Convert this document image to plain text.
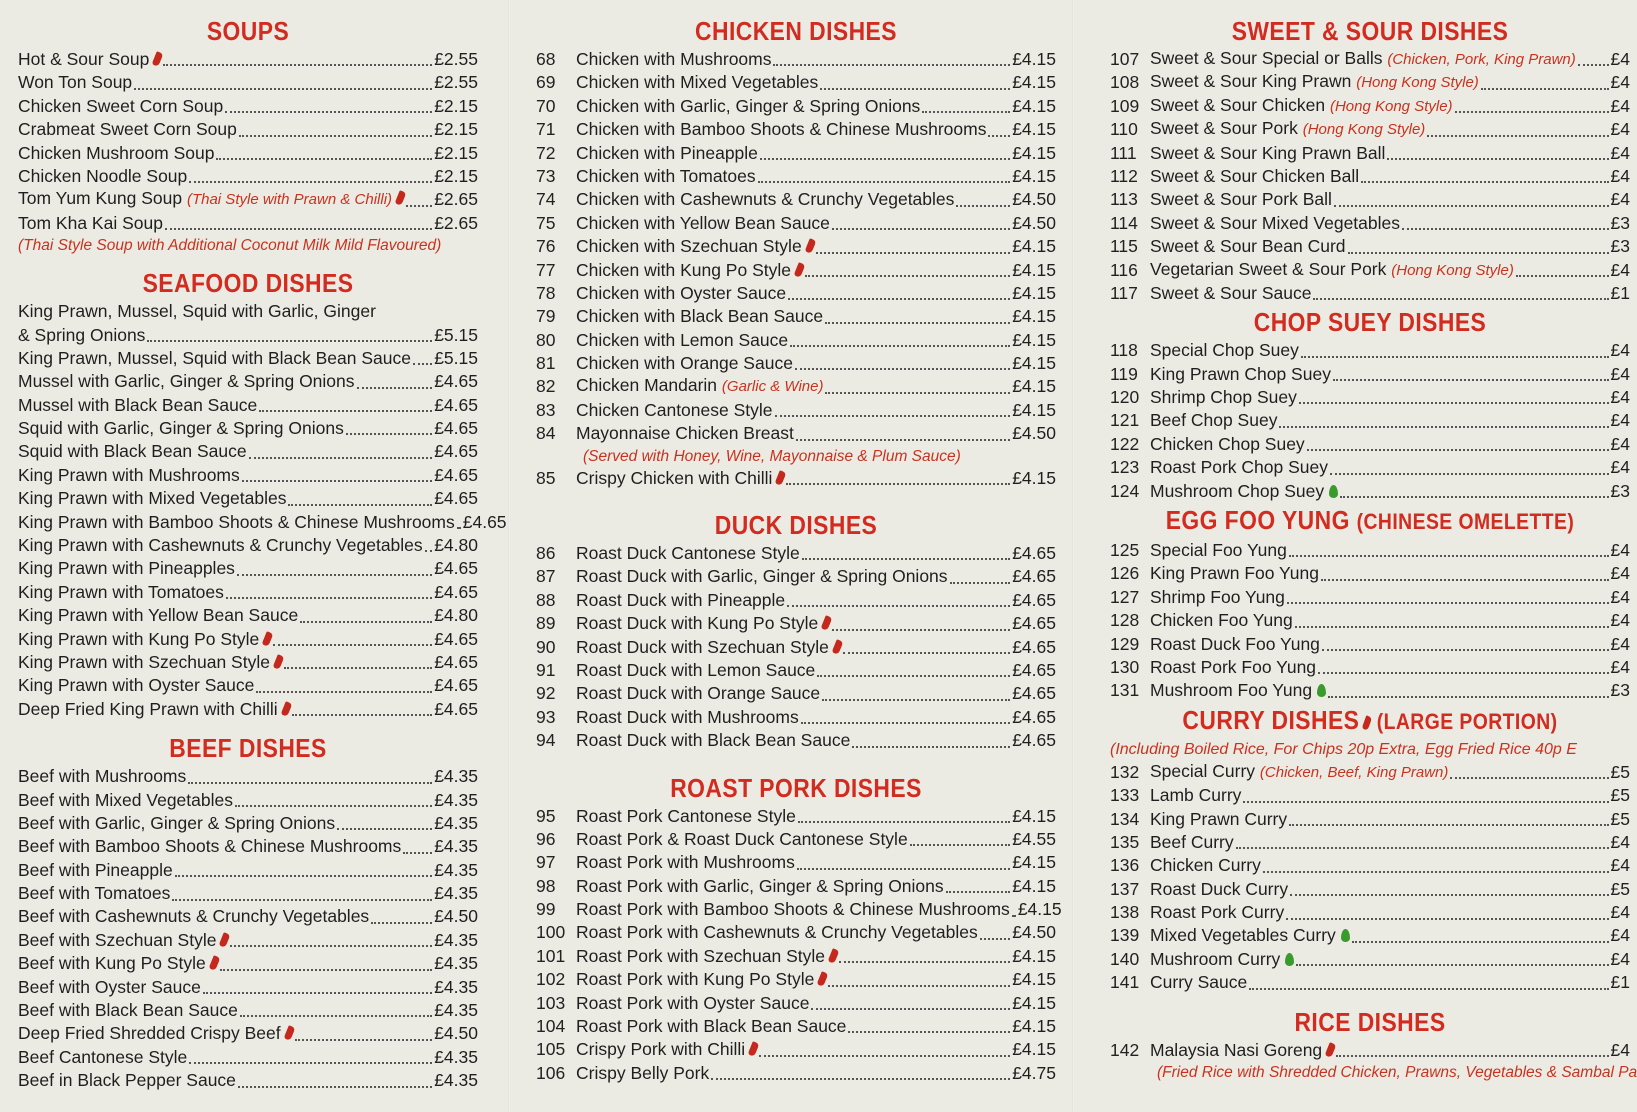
SOUPS
Hot & Sour Soup	£2.55
Won Ton Soup	£2.55
Chicken Sweet Corn Soup	£2.15
Crabmeat Sweet Corn Soup	£2.15
Chicken Mushroom Soup	£2.15
Chicken Noodle Soup	£2.15
Tom Yum Kung Soup (Thai Style with Prawn & Chilli)	£2.65
Tom Kha Kai Soup	£2.65
(Thai Style Soup with Additional Coconut Milk Mild Flavoured)
SEAFOOD DISHES
King Prawn, Mussel, Squid with Garlic, Ginger
& Spring Onions	£5.15
King Prawn, Mussel, Squid with Black Bean Sauce £5.15
Mussel with Garlic, Ginger & Spring Onions	£4.65
Mussel with Black Bean Sauce	£4.65
Squid with Garlic, Ginger & Spring Onions	£4.65
Squid with Black Bean Sauce	£4.65
King Prawn with Mushrooms	£4.65
King Prawn with Mixed Vegetables	£4.65
King Prawn with Bamboo Shoots & Chinese Mushrooms £4.65
King Prawn with Cashewnuts & Crunchy Vegetables £4.80
King Prawn with Pineapples	£4.65
King Prawn with Tomatoes	£4.65
King Prawn with Yellow Bean Sauce	£4.80
King Prawn with Kung Po Style	£4.65
King Prawn with Szechuan Style	£4.65
King Prawn with Oyster Sauce	£4.65
Deep Fried King Prawn with Chilli	£4.65
BEEF DISHES
Beef with Mushrooms	£4.35
Beef with Mixed Vegetables	£4.35
Beef with Garlic, Ginger & Spring Onions	£4.35
Beef with Bamboo Shoots & Chinese Mushrooms £4.35
Beef with Pineapple	£4.35
Beef with Tomatoes	£4.35
Beef with Cashewnuts & Crunchy Vegetables	£4.50
Beef with Szechuan Style	£4.35
Beef with Kung Po Style	£4.35
Beef with Oyster Sauce	£4.35
Beef with Black Bean Sauce	£4.35
Deep Fried Shredded Crispy Beef	£4.50
Beef Cantonese Style	£4.35
Beef in Black Pepper Sauce	£4.35
CHICKEN DISHES
68	Chicken with Mushrooms	£4.15
69	Chicken with Mixed Vegetables	£4.15
70	Chicken with Garlic, Ginger & Spring Onions	£4.15
71	Chicken with Bamboo Shoots & Chinese Mushrooms £4.15
72	Chicken with Pineapple	£4.15
73	Chicken with Tomatoes	£4.15
74	Chicken with Cashewnuts & Crunchy Vegetables	£4.50
75	Chicken with Yellow Bean Sauce	£4.50
76	Chicken with Szechuan Style	£4.15
77	Chicken with Kung Po Style	£4.15
78	Chicken with Oyster Sauce	£4.15
79	Chicken with Black Bean Sauce	£4.15
80	Chicken with Lemon Sauce	£4.15
81	Chicken with Orange Sauce	£4.15
82	Chicken Mandarin (Garlic & Wine)	£4.15
83	Chicken Cantonese Style	£4.15
84	Mayonnaise Chicken Breast	£4.50
(Served with Honey, Wine, Mayonnaise & Plum Sauce)
85	Crispy Chicken with Chilli	£4.15
DUCK DISHES
86	Roast Duck Cantonese Style	£4.65
87	Roast Duck with Garlic, Ginger & Spring Onions	£4.65
88	Roast Duck with Pineapple	£4.65
89	Roast Duck with Kung Po Style	£4.65
90	Roast Duck with Szechuan Style	£4.65
91	Roast Duck with Lemon Sauce	£4.65
92	Roast Duck with Orange Sauce	£4.65
93	Roast Duck with Mushrooms	£4.65
94	Roast Duck with Black Bean Sauce	£4.65
ROAST PORK DISHES
95	Roast Pork Cantonese Style	£4.15
96	Roast Pork & Roast Duck Cantonese Style	£4.55
97	Roast Pork with Mushrooms	£4.15
98	Roast Pork with Garlic, Ginger & Spring Onions	£4.15
99	Roast Pork with Bamboo Shoots & Chinese Mushrooms £4.15
100 Roast Pork with Cashewnuts & Crunchy Vegetables £4.50
101 Roast Pork with Szechuan Style	£4.15
102 Roast Pork with Kung Po Style	£4.15
103 Roast Pork with Oyster Sauce	£4.15
104 Roast Pork with Black Bean Sauce	£4.15
105 Crispy Pork with Chilli	£4.15
106 Crispy Belly Pork	£4.75
SWEET & SOUR DISHES
107 Sweet & Sour Special or Balls (Chicken, Pork, King Prawn) £4
108 Sweet & Sour King Prawn (Hong Kong Style)	£4
109 Sweet & Sour Chicken (Hong Kong Style)	£4
110 Sweet & Sour Pork (Hong Kong Style)	£4
111 Sweet & Sour King Prawn Ball	£4
112 Sweet & Sour Chicken Ball	£4
113 Sweet & Sour Pork Ball	£4
114 Sweet & Sour Mixed Vegetables	£3
115 Sweet & Sour Bean Curd	£3
116 Vegetarian Sweet & Sour Pork (Hong Kong Style)	£4
117 Sweet & Sour Sauce	£1
CHOP SUEY DISHES
118 Special Chop Suey	£4
119 King Prawn Chop Suey	£4
120 Shrimp Chop Suey	£4
121 Beef Chop Suey	£4
122 Chicken Chop Suey	£4
123 Roast Pork Chop Suey	£4
124 Mushroom Chop Suey	£3
EGG FOO YUNG (CHINESE OMELETTE)
125 Special Foo Yung	£4
126 King Prawn Foo Yung	£4
127 Shrimp Foo Yung	£4
128 Chicken Foo Yung	£4
129 Roast Duck Foo Yung	£4
130 Roast Pork Foo Yung	£4
131 Mushroom Foo Yung	£3
CURRY DISHES (LARGE PORTION)
(Including Boiled Rice, For Chips 20p Extra, Egg Fried Rice 40p E
132 Special Curry (Chicken, Beef, King Prawn)	£5
133 Lamb Curry	£5
134 King Prawn Curry	£5
135 Beef Curry	£4
136 Chicken Curry	£4
137 Roast Duck Curry	£5
138 Roast Pork Curry	£4
139 Mixed Vegetables Curry	£4
140 Mushroom Curry	£4
141 Curry Sauce	£1
RICE DISHES
142 Malaysia Nasi Goreng	£4
(Fried Rice with Shredded Chicken, Prawns, Vegetables & Sambal Pa
